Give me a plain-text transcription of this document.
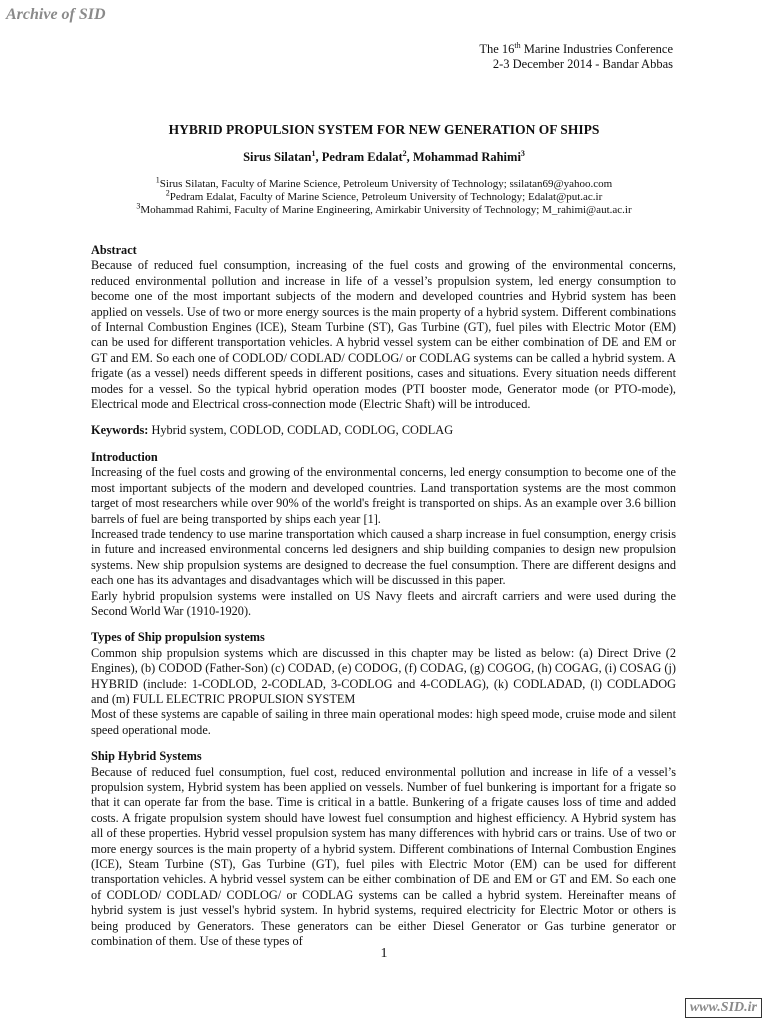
Archive of SID
The 16th Marine Industries Conference
2-3 December 2014 - Bandar Abbas
HYBRID PROPULSION SYSTEM FOR NEW GENERATION OF SHIPS
Sirus Silatan$^1$, Pedram Edalat$^2$, Mohammad Rahimi$^3$
$^1$Sirus Silatan, Faculty of Marine Science, Petroleum University of Technology; ssilatan69@yahoo.com
$^2$Pedram Edalat, Faculty of Marine Science, Petroleum University of Technology; Edalat@put.ac.ir
$^3$Mohammad Rahimi, Faculty of Marine Engineering, Amirkabir University of Technology; M_rahimi@aut.ac.ir

Abstract

Because of reduced fuel consumption, increasing of the fuel costs and growing of the environmental concerns, reduced environmental pollution and increase in life of a vessel’s propulsion system, led energy consumption to become one of the most important subjects of the modern and developed countries and Hybrid system has been applied on vessels. Use of two or more energy sources is the main property of a hybrid system. Different combinations of Internal Combustion Engines (ICE), Steam Turbine (ST), Gas Turbine (GT), fuel piles with Electric Motor (EM) can be used for different transportation vehicles. A hybrid vessel system can be either combination of DE and EM or GT and EM. So each one of CODLOD/ CODLAD/ CODLOG/ or CODLAG systems can be called a hybrid system. A frigate (as a vessel) needs different speeds in different positions, cases and situations. Every situation needs different modes for a vessel. So the typical hybrid operation modes (PTI booster mode, Generator mode (or PTO-mode), Electrical mode and Electrical cross-connection mode (Electric Shaft) will be introduced.

Keywords: Hybrid system, CODLOD, CODLAD, CODLOG, CODLAG

Introduction

Increasing of the fuel costs and growing of the environmental concerns, led energy consumption to become one of the most important subjects of the modern and developed countries. Land transportation systems are the most common target of most researchers while over 90% of the world's freight is transported on ships. As an example over 3.6 billion barrels of fuel are being transported by ships each year [1].

Increased trade tendency to use marine transportation which caused a sharp increase in fuel consumption, energy crisis in future and increased environmental concerns led designers and ship building companies to design new propulsion systems. New ship propulsion systems are designed to decrease the fuel consumption. There are different designs and each one has its advantages and disadvantages which will be discussed in this paper.

Early hybrid propulsion systems were installed on US Navy fleets and aircraft carriers and were used during the Second World War (1910-1920).

Types of Ship propulsion systems

Common ship propulsion systems which are discussed in this chapter may be listed as below: (a) Direct Drive (2 Engines), (b) CODOD (Father-Son) (c) CODAD, (e) CODOG, (f) CODAG, (g) COGOG, (h) COGAG, (i) COSAG (j) HYBRID (include: 1-CODLOD, 2-CODLAD, 3-CODLOG and 4-CODLAG), (k) CODLADAD, (l) CODLADOG and (m) FULL ELECTRIC PROPULSION SYSTEM

Most of these systems are capable of sailing in three main operational modes: high speed mode, cruise mode and silent speed operational mode.

Ship Hybrid Systems

Because of reduced fuel consumption, fuel cost, reduced environmental pollution and increase in life of a vessel’s propulsion system, Hybrid system has been applied on vessels. Number of fuel bunkering is important for a frigate so that it can operate far from the base. Time is critical in a battle. Bunkering of a frigate causes loss of time and added costs. A frigate propulsion system should have lowest fuel consumption and highest efficiency. A Hybrid system has all of these properties. Hybrid vessel propulsion system has many differences with hybrid cars or trains. Use of two or more energy sources is the main property of a hybrid system. Different combinations of Internal Combustion Engines (ICE), Steam Turbine (ST), Gas Turbine (GT), fuel piles with Electric Motor (EM) can be used for different transportation vehicles. A hybrid vessel system can be either combination of DE and EM or GT and EM. So each one of CODLOD/ CODLAD/ CODLOG/ or CODLAG systems can be called a hybrid system. Hereinafter means of hybrid system is just vessel's hybrid system. In hybrid systems, required electricity for Electric Motor or others is being produced by Generators. These generators can be either Diesel Generator or Gas turbine generator or combination of them. Use of these types of

1
www.SID.ir
